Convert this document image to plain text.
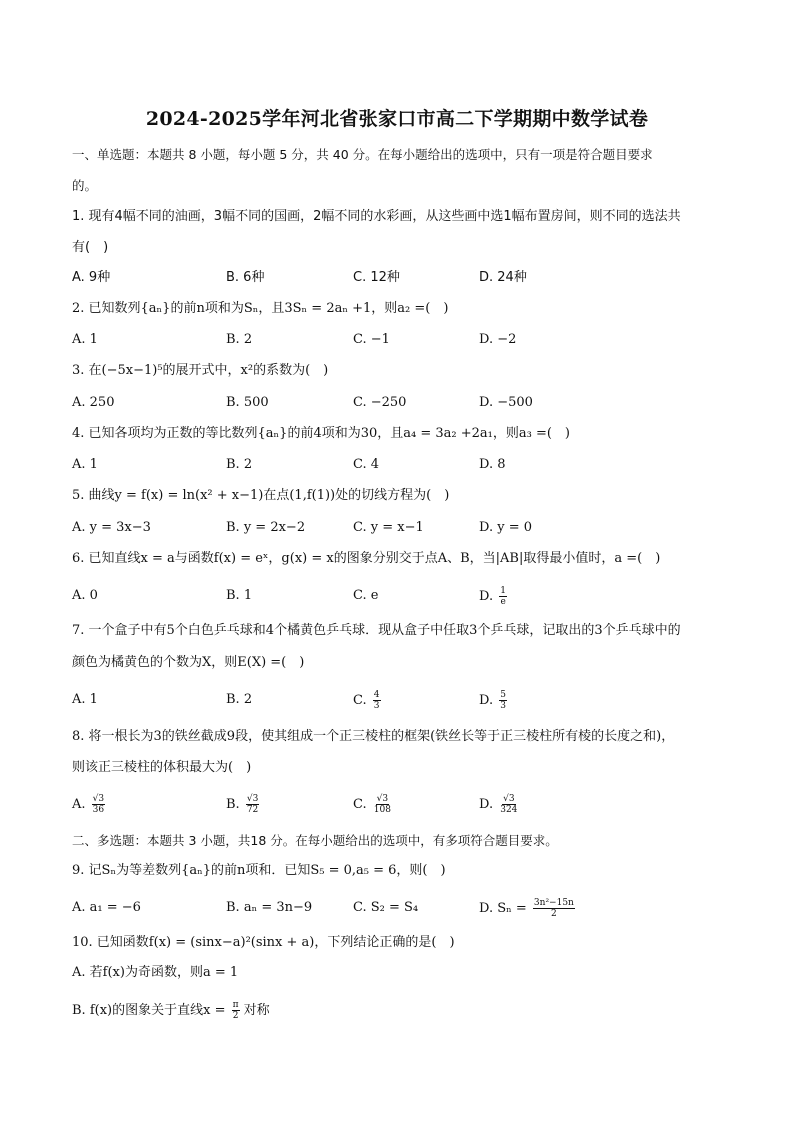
2024-2025学年河北省张家口市高二下学期期中数学试卷
一、单选题：本题共 8 小题，每小题 5 分，共 40 分。在每小题给出的选项中，只有一项是符合题目要求
的。
1. 现有4幅不同的油画，3幅不同的国画，2幅不同的水彩画，从这些画中选1幅布置房间，则不同的选法共
有(　)
A. 9种	B. 6种	C. 12种	D. 24种
2. 已知数列{aₙ}的前n项和为Sₙ，且3Sₙ = 2aₙ +1，则a₂ =(　)
A. 1	B. 2	C. −1	D. −2
3. 在(−5x−1)⁵的展开式中，x²的系数为(　)
A. 250	B. 500	C. −250	D. −500
4. 已知各项均为正数的等比数列{aₙ}的前4项和为30，且a₄ = 3a₂ +2a₁，则a₃ =(　)
A. 1	B. 2	C. 4	D. 8
5. 曲线y = f(x) = ln(x² + x−1)在点(1,f(1))处的切线方程为(　)
A. y = 3x−3	B. y = 2x−2	C. y = x−1	D. y = 0
6. 已知直线x = a与函数f(x) = eˣ，g(x) = x的图象分别交于点A、B，当|AB|取得最小值时，a =(　)
A. 0	B. 1	C. e	D. $\frac{1}{e}$
7. 一个盒子中有5个白色乒乓球和4个橘黄色乒乓球．现从盒子中任取3个乒乓球，记取出的3个乒乓球中的
颜色为橘黄色的个数为X，则E(X) =(　)
A. 1	B. 2	C. $\frac{4}{3}$	D. $\frac{5}{3}$
8. 将一根长为3的铁丝截成9段，使其组成一个正三棱柱的框架(铁丝长等于正三棱柱所有棱的长度之和)，
则该正三棱柱的体积最大为(　)
A. $\frac{√3}{36}$	B. $\frac{√3}{72}$	C. $\frac{√3}{108}$	D. $\frac{√3}{324}$
二、多选题：本题共 3 小题，共18 分。在每小题给出的选项中，有多项符合题目要求。
9. 记Sₙ为等差数列{aₙ}的前n项和．已知S₅ = 0,a₅ = 6，则(　)
A. a₁ = −6	B. aₙ = 3n−9	C. S₂ = S₄	D. $S_n = \frac{\text{3n²−15n}}{2}$
10. 已知函数f(x) = (sinx−a)²(sinx + a)，下列结论正确的是(　)
A. 若f(x)为奇函数，则a = 1
B. f(x)的图象关于直线$x = \frac{\pi}{2}$ 对称
